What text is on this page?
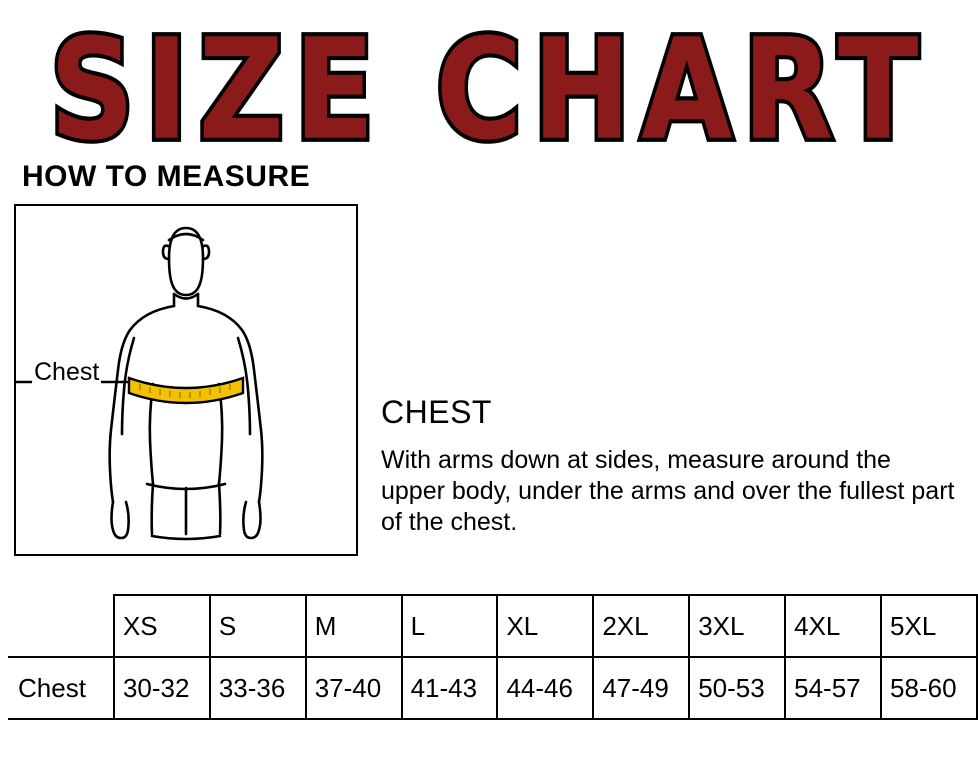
SIZE CHART
HOW TO MEASURE
Chest
CHEST
With arms down at sides, measure around the upper body, under the arms and over the fullest part of the chest.
	XS	S	M	L	XL	2XL	3XL	4XL	5XL
Chest	30-32	33-36	37-40	41-43	44-46	47-49	50-53	54-57	58-60
